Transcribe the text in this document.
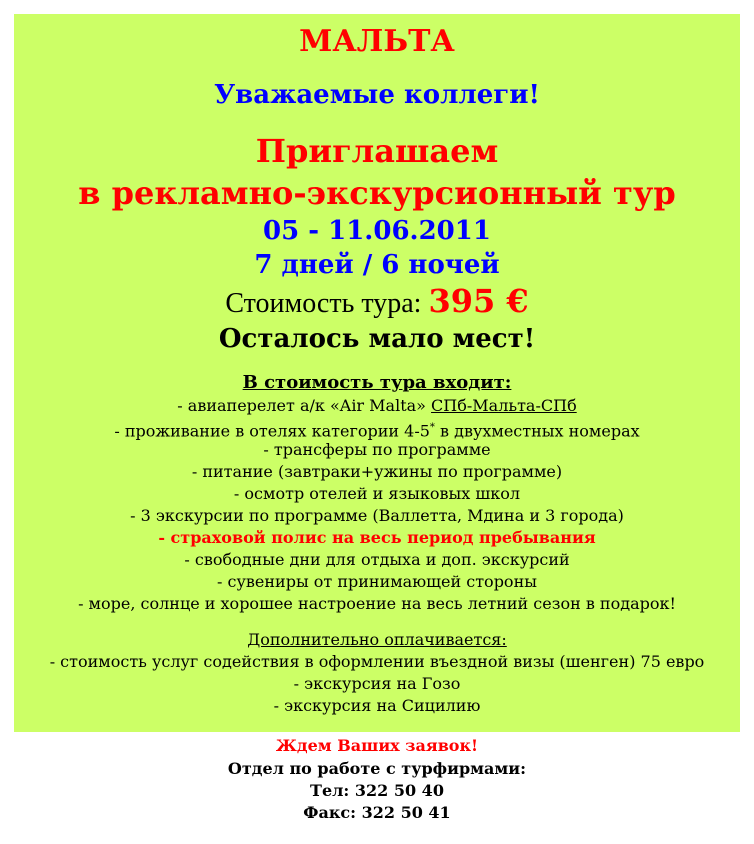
МАЛЬТА
Уважаемые коллеги!
Приглашаем
в рекламно-экскурсионный тур
05 - 11.06.2011
7 дней / 6 ночей
Стоимость тура: 395 €
Осталось мало мест!
В стоимость тура входит:
- авиаперелет а/к «Air Malta» СПб-Мальта-СПб
- проживание в отелях категории 4-5* в двухместных номерах
- трансферы по программе
- питание (завтраки+ужины по программе)
- осмотр отелей и языковых школ
- 3 экскурсии по программе (Валлетта, Мдина и 3 города)
- страховой полис на весь период пребывания
- свободные дни для отдыха и доп. экскурсий
- сувениры от принимающей стороны
- море, солнце и хорошее настроение на весь летний сезон в подарок!
Дополнительно оплачивается:
- стоимость услуг содействия в оформлении въездной визы (шенген) 75 евро
- экскурсия на Гозо
- экскурсия на Сицилию
Ждем Ваших заявок!
Отдел по работе с турфирмами:
Тел: 322 50 40
Факс: 322 50 41
